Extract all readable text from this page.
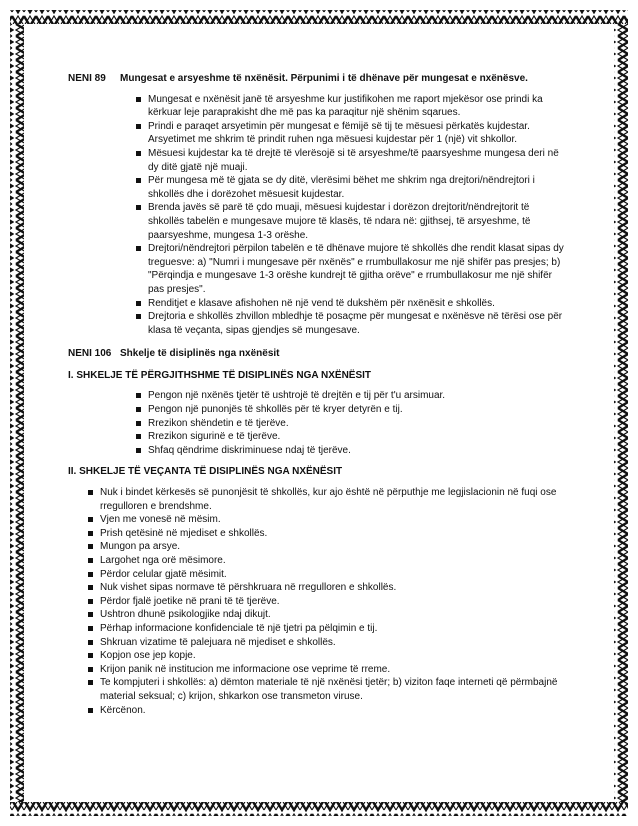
NENI 89 Mungesat e arsyeshme të nxënësit. Përpunimi i të dhënave për mungesat e nxënësve.

Mungesat e nxënësit janë të arsyeshme kur justifikohen me raport mjekësor ose prindi ka kërkuar leje paraprakisht dhe më pas ka paraqitur një shënim sqarues.
Prindi e paraqet arsyetimin për mungesat e fëmijë së tij te mësuesi përkatës kujdestar. Arsyetimet me shkrim të prindit ruhen nga mësuesi kujdestar për 1 (një) vit shkollor.
Mësuesi kujdestar ka të drejtë të vlerësojë si të arsyeshme/të paarsyeshme mungesa deri në dy ditë gjatë një muaji.
Për mungesa më të gjata se dy ditë, vlerësimi bëhet me shkrim nga drejtori/nëndrejtori i shkollës dhe i dorëzohet mësuesit kujdestar.
Brenda javës së parë të çdo muaji, mësuesi kujdestar i dorëzon drejtorit/nëndrejtorit të shkollës tabelën e mungesave mujore të klasës, të ndara në: gjithsej, të arsyeshme, të paarsyeshme, mungesa 1-3 orëshe.
Drejtori/nëndrejtori përpilon tabelën e të dhënave mujore të shkollës dhe rendit klasat sipas dy treguesve: a) "Numri i mungesave për nxënës" e rrumbullakosur me një shifër pas presjes; b) "Përqindja e mungesave 1-3 orëshe kundrejt të gjitha orëve" e rrumbullakosur me një shifër pas presjes".
Renditjet e klasave afishohen në një vend të dukshëm për nxënësit e shkollës.
Drejtoria e shkollës zhvillon mbledhje të posaçme për mungesat e nxënësve në tërësi ose për klasa të veçanta, sipas gjendjes së mungesave.

NENI 106 Shkelje të disiplinës nga nxënësit

I. SHKELJE TË PËRGJITHSHME TË DISIPLINËS NGA NXËNËSIT

Pengon një nxënës tjetër të ushtrojë të drejtën e tij për t'u arsimuar.
Pengon një punonjës të shkollës për të kryer detyrën e tij.
Rrezikon shëndetin e të tjerëve.
Rrezikon sigurinë e të tjerëve.
Shfaq qëndrime diskriminuese ndaj të tjerëve.

II. SHKELJE TË VEÇANTA TË DISIPLINËS NGA NXËNËSIT

Nuk i bindet kërkesës së punonjësit të shkollës, kur ajo është në përputhje me legjislacionin në fuqi ose rregulloren e brendshme.
Vjen me vonesë në mësim.
Prish qetësinë në mjediset e shkollës.
Mungon pa arsye.
Largohet nga orë mësimore.
Përdor celular gjatë mësimit.
Nuk vishet sipas normave të përshkruara në rregulloren e shkollës.
Përdor fjalë joetike në prani të të tjerëve.
Ushtron dhunë psikologjike ndaj dikujt.
Përhap informacione konfidenciale të një tjetri pa pëlqimin e tij.
Shkruan vizatime të palejuara në mjediset e shkollës.
Kopjon ose jep kopje.
Krijon panik në institucion me informacione ose veprime të rreme.
Te kompjuteri i shkollës: a) dëmton materiale të një nxënësi tjetër; b) viziton faqe interneti që përmbajnë material seksual; c) krijon, shkarkon ose transmeton viruse.
Kërcënon.
